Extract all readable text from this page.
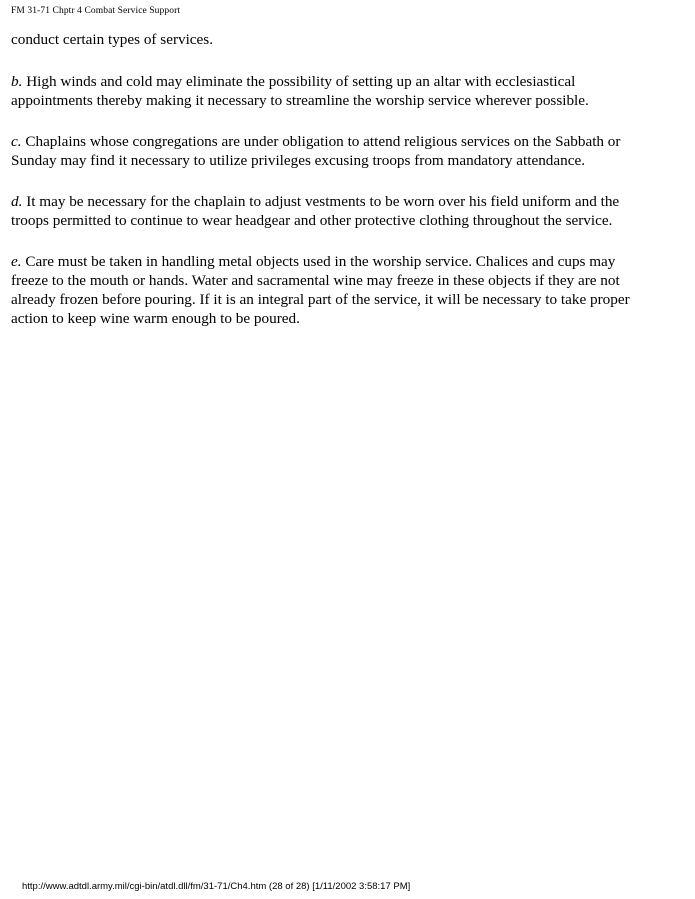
FM 31-71 Chptr 4 Combat Service Support

conduct certain types of services.

b. High winds and cold may eliminate the possibility of setting up an altar with ecclesiastical
appointments thereby making it necessary to streamline the worship service wherever possible.

c. Chaplains whose congregations are under obligation to attend religious services on the Sabbath or
Sunday may find it necessary to utilize privileges excusing troops from mandatory attendance.

d. It may be necessary for the chaplain to adjust vestments to be worn over his field uniform and the
troops permitted to continue to wear headgear and other protective clothing throughout the service.

e. Care must be taken in handling metal objects used in the worship service. Chalices and cups may
freeze to the mouth or hands. Water and sacramental wine may freeze in these objects if they are not
already frozen before pouring. If it is an integral part of the service, it will be necessary to take proper
action to keep wine warm enough to be poured.

http://www.adtdl.army.mil/cgi-bin/atdl.dll/fm/31-71/Ch4.htm (28 of 28) [1/11/2002 3:58:17 PM]
